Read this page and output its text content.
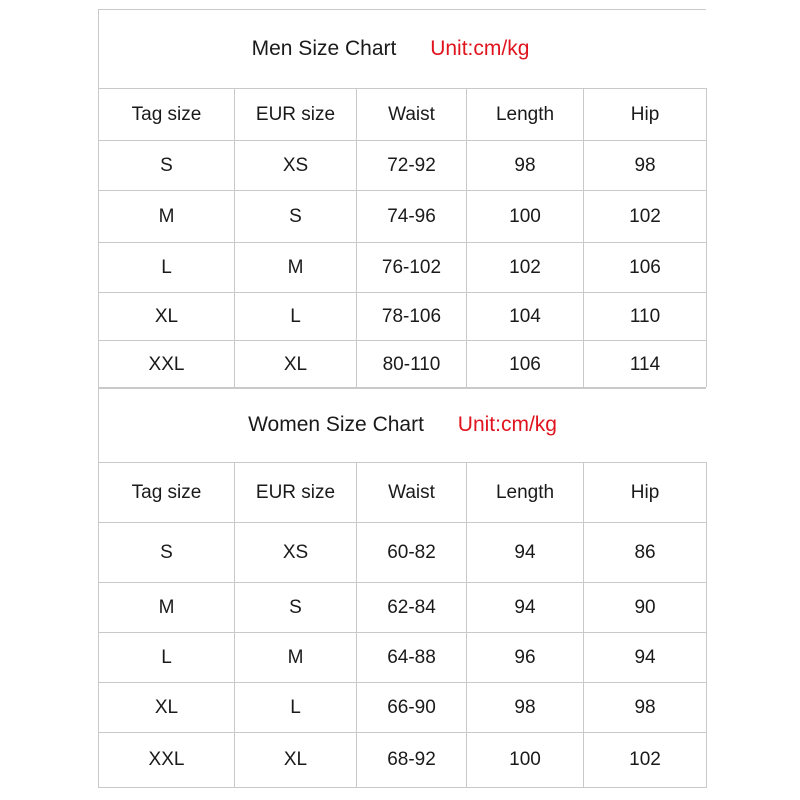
Men Size Chart Unit:cm/kg				
Tag size	EUR size	Waist	Length	Hip
S	XS	72-92	98	98
M	S	74-96	100	102
L	M	76-102	102	106
XL	L	78-106	104	110
XXL	XL	80-110	106	114
Women Size Chart Unit:cm/kg				
Tag size	EUR size	Waist	Length	Hip
S	XS	60-82	94	86
M	S	62-84	94	90
L	M	64-88	96	94
XL	L	66-90	98	98
XXL	XL	68-92	100	102
